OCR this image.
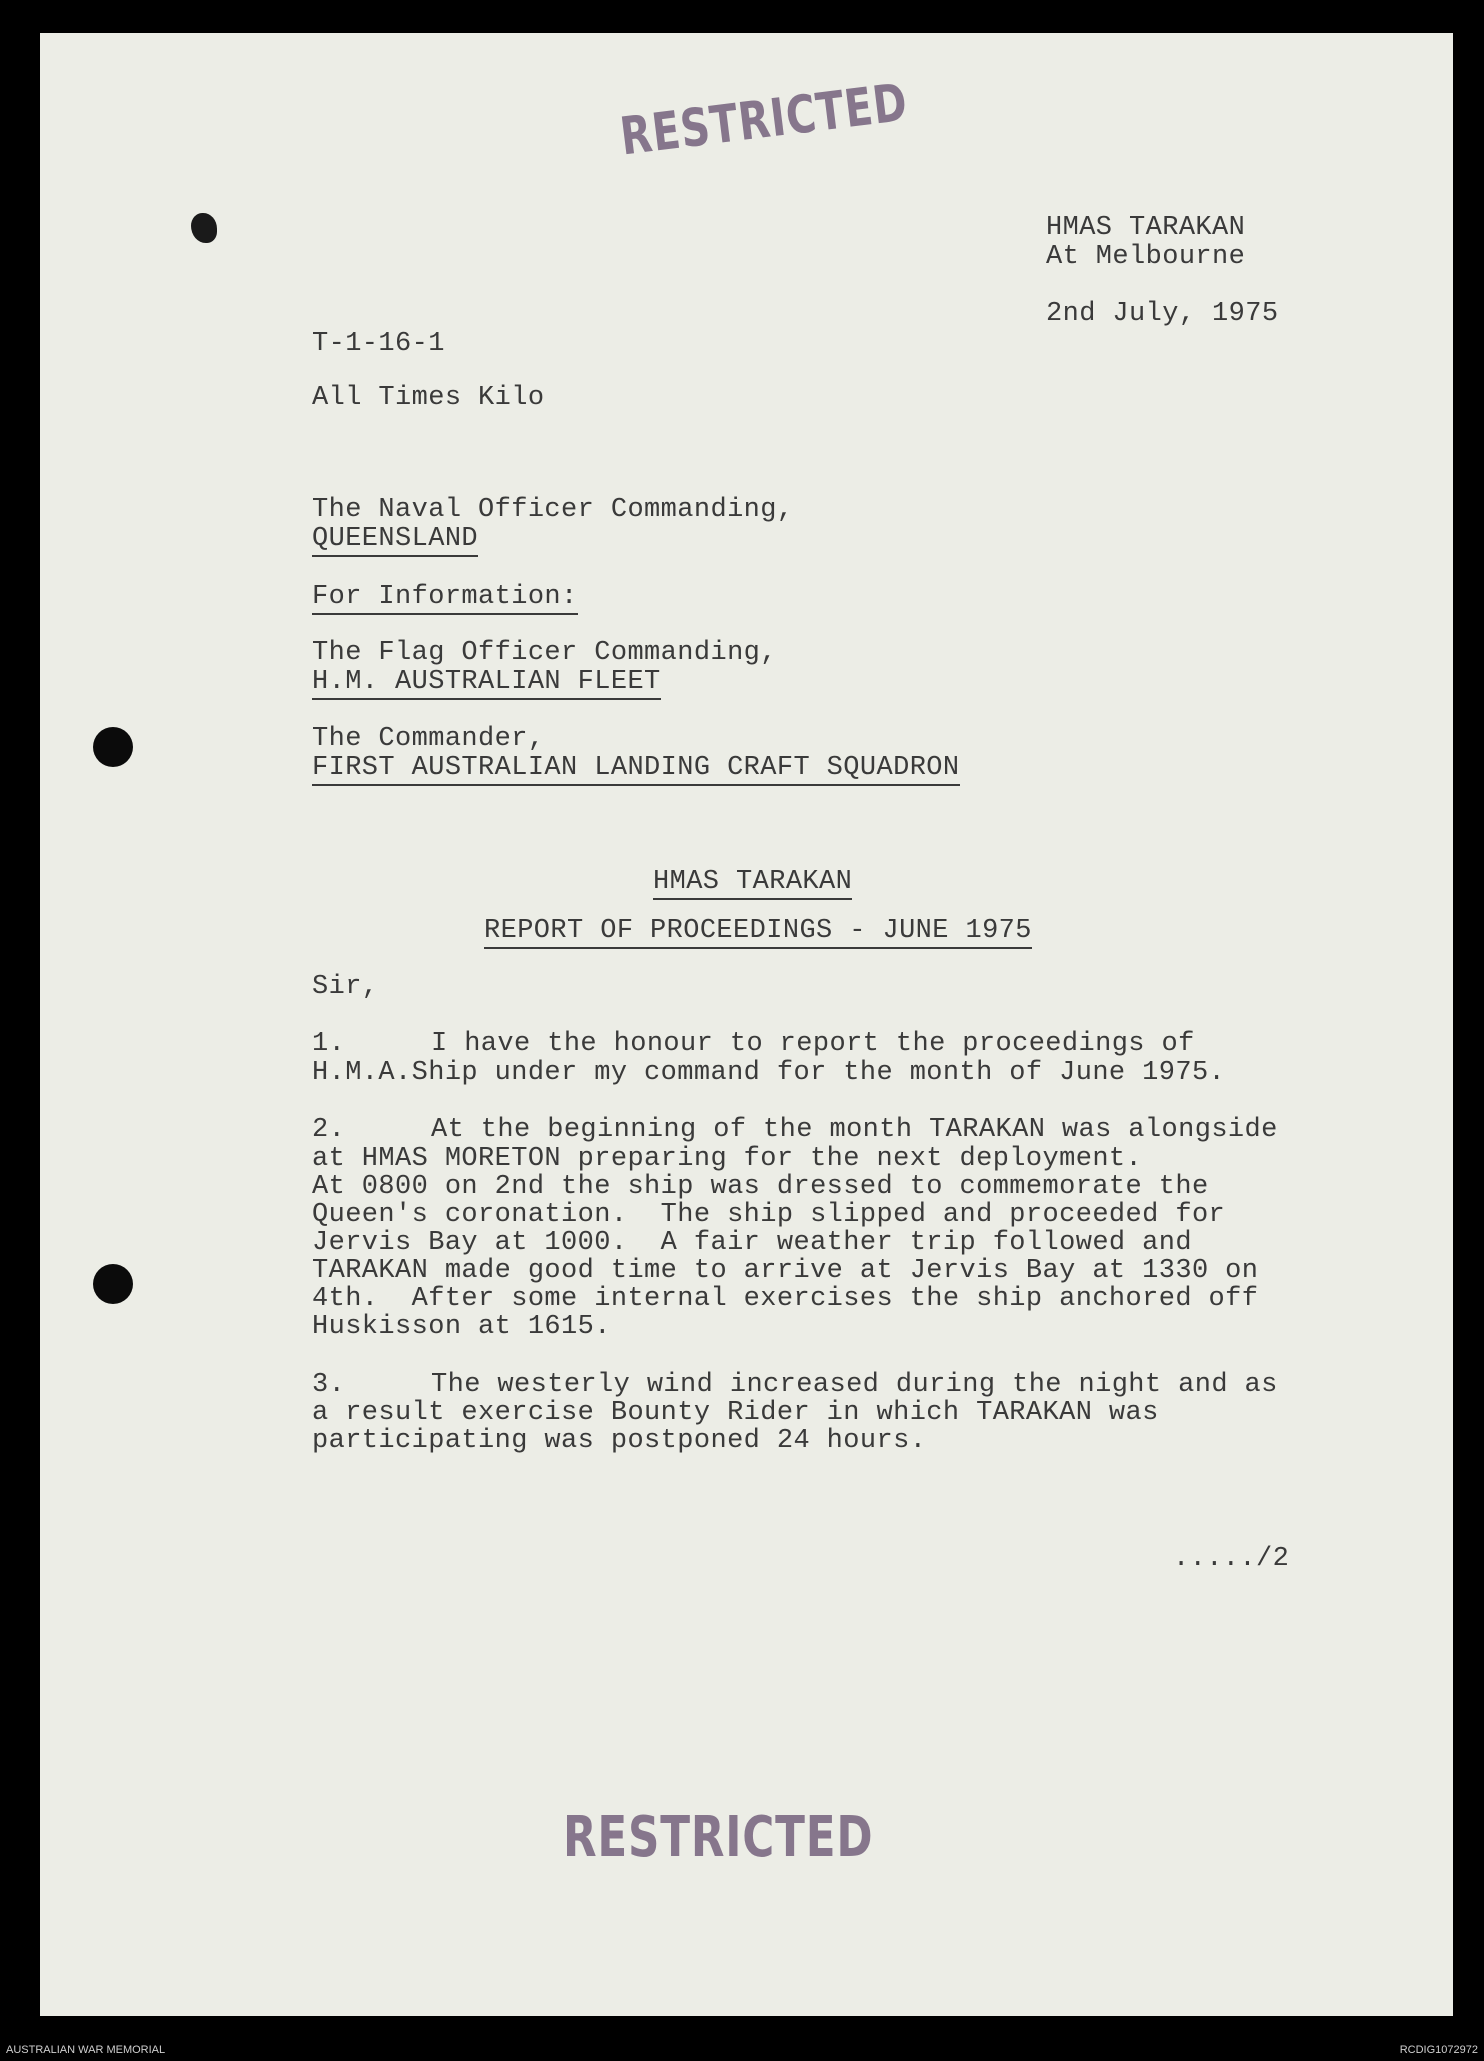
RESTRICTED

HMAS TARAKAN

At Melbourne

2nd July, 1975

T-1-16-1

All Times Kilo

The Naval Officer Commanding,

QUEENSLAND

For Information:

The Flag Officer Commanding,

H.M. AUSTRALIAN FLEET

The Commander,

FIRST AUSTRALIAN LANDING CRAFT SQUADRON

HMAS TARAKAN

REPORT OF PROCEEDINGS - JUNE 1975

Sir,

1.	I have the honour to report the proceedings of

H.M.A.Ship under my command for the month of June 1975.

2.	At the beginning of the month TARAKAN was alongside

at HMAS MORETON preparing for the next deployment.

At 0800 on 2nd the ship was dressed to commemorate the

Queen's coronation.  The ship slipped and proceeded for

Jervis Bay at 1000.  A fair weather trip followed and

TARAKAN made good time to arrive at Jervis Bay at 1330 on

4th.  After some internal exercises the ship anchored off

Huskisson at 1615.

3.	The westerly wind increased during the night and as

a result exercise Bounty Rider in which TARAKAN was

participating was postponed 24 hours.

...../2

RESTRICTED
AUSTRALIAN WAR MEMORIAL	RCDIG1072972
